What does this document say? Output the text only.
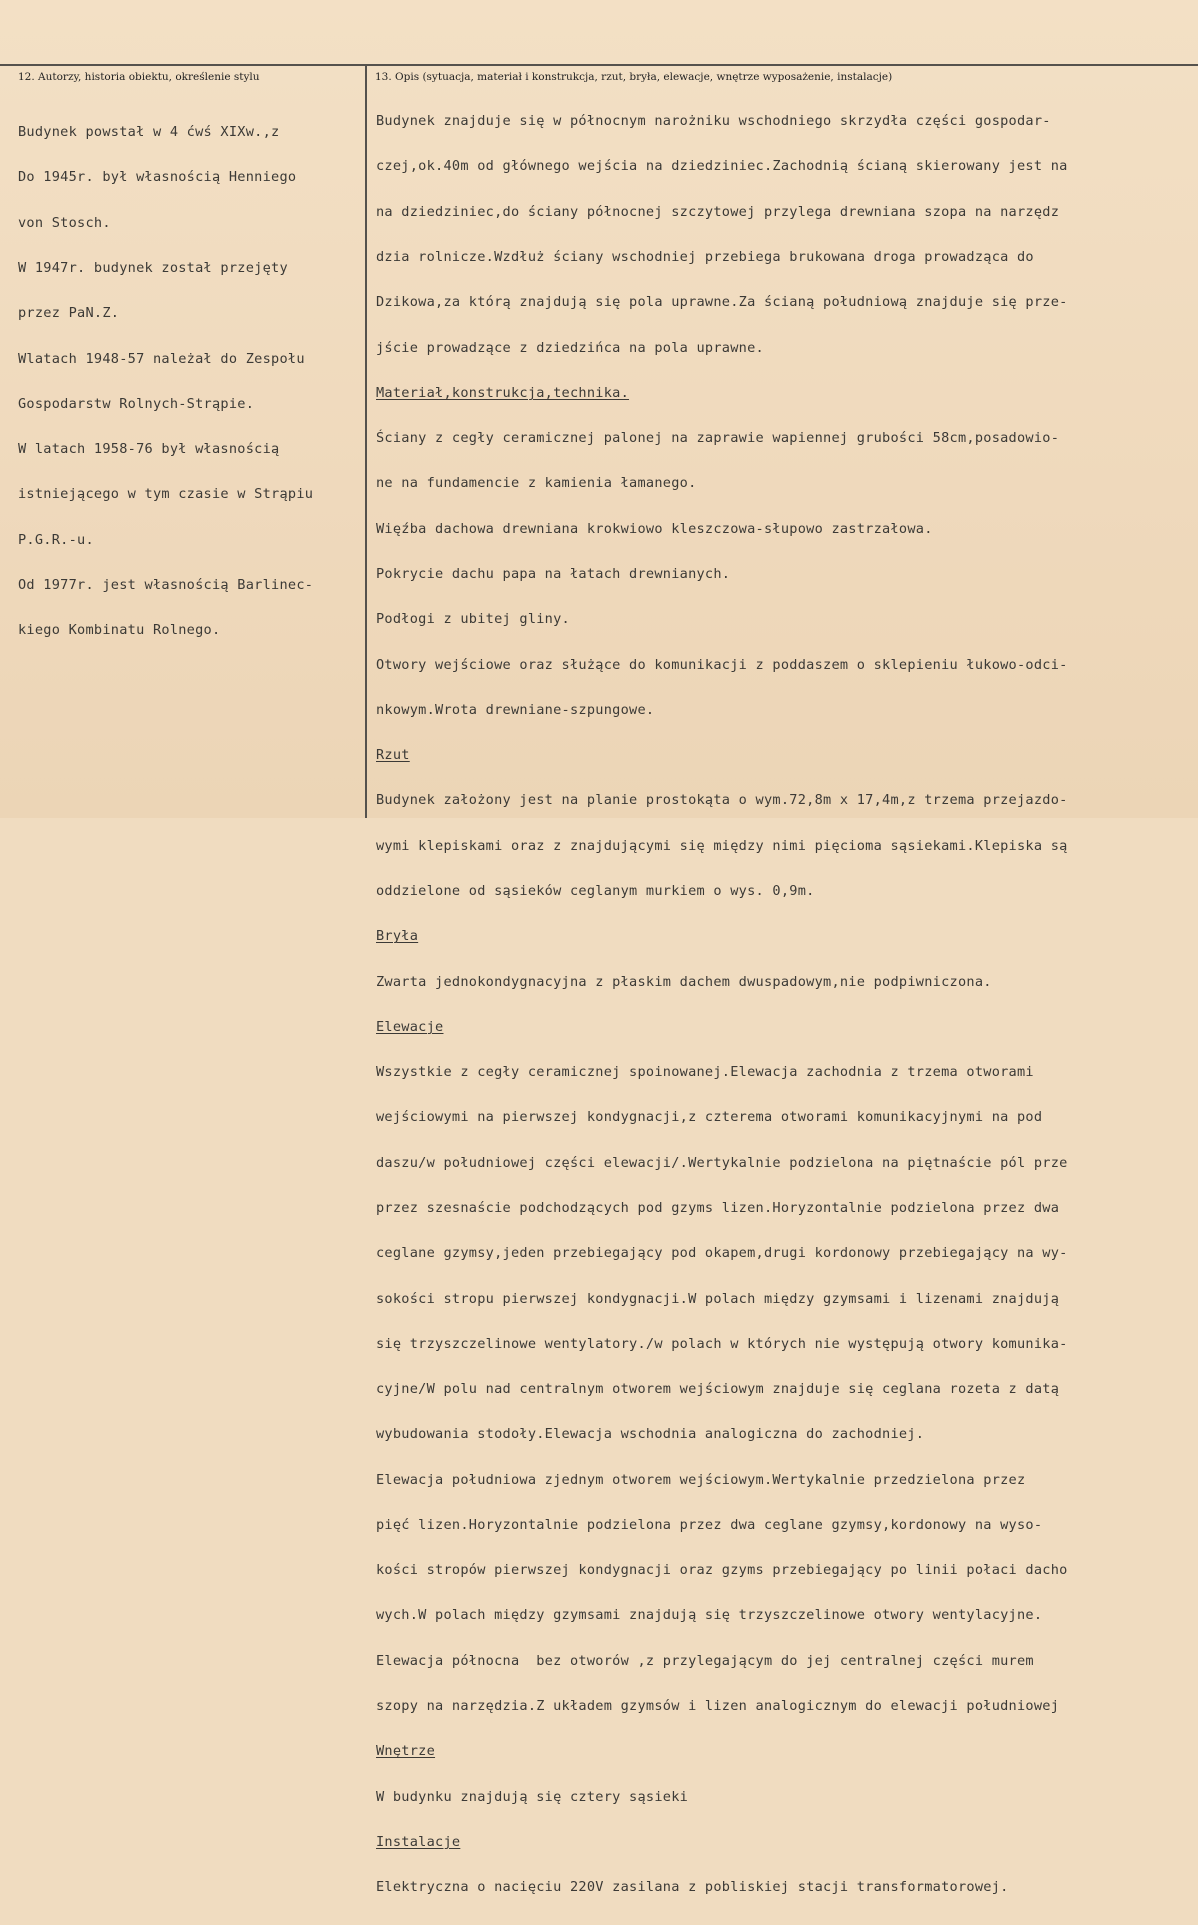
12. Autorzy, historia obiektu, określenie stylu	13. Opis (sytuacja, materiał i konstrukcja, rzut, bryła, elewacje, wnętrze wyposażenie, instalacje)

Budynek powstał w 4 ćwś XIXw.,z

Do 1945r. był własnością Henniego

von Stosch.

W 1947r. budynek został przejęty

przez PaN.Z.

Wlatach 1948-57 należał do Zespołu

Gospodarstw Rolnych-Strąpie.

W latach 1958-76 był własnością

istniejącego w tym czasie w Strąpiu

P.G.R.-u.

Od 1977r. jest własnością Barlinec-

kiego Kombinatu Rolnego.

Budynek znajduje się w północnym narożniku wschodniego skrzydła części gospodar-

czej,ok.40m od głównego wejścia na dziedziniec.Zachodnią ścianą skierowany jest na

na dziedziniec,do ściany północnej szczytowej przylega drewniana szopa na narzędz

dzia rolnicze.Wzdłuż ściany wschodniej przebiega brukowana droga prowadząca do

Dzikowa,za którą znajdują się pola uprawne.Za ścianą południową znajduje się prze-

jście prowadzące z dziedzińca na pola uprawne.

Materiał,konstrukcja,technika.

Ściany z cegły ceramicznej palonej na zaprawie wapiennej grubości 58cm,posadowio-

ne na fundamencie z kamienia łamanego.

Więźba dachowa drewniana krokwiowo kleszczowa-słupowo zastrzałowa.

Pokrycie dachu papa na łatach drewnianych.

Podłogi z ubitej gliny.

Otwory wejściowe oraz służące do komunikacji z poddaszem o sklepieniu łukowo-odci-

nkowym.Wrota drewniane-szpungowe.

Rzut

Budynek założony jest na planie prostokąta o wym.72,8m x 17,4m,z trzema przejazdo-

wymi klepiskami oraz z znajdującymi się między nimi pięcioma sąsiekami.Klepiska są

oddzielone od sąsieków ceglanym murkiem o wys. 0,9m.

Bryła

Zwarta jednokondygnacyjna z płaskim dachem dwuspadowym,nie podpiwniczona.

Elewacje

Wszystkie z cegły ceramicznej spoinowanej.Elewacja zachodnia z trzema otworami

wejściowymi na pierwszej kondygnacji,z czterema otworami komunikacyjnymi na pod

daszu/w południowej części elewacji/.Wertykalnie podzielona na piętnaście pól prze

przez szesnaście podchodzących pod gzyms lizen.Horyzontalnie podzielona przez dwa

ceglane gzymsy,jeden przebiegający pod okapem,drugi kordonowy przebiegający na wy-

sokości stropu pierwszej kondygnacji.W polach między gzymsami i lizenami znajdują

się trzyszczelinowe wentylatory./w polach w których nie występują otwory komunika-

cyjne/W polu nad centralnym otworem wejściowym znajduje się ceglana rozeta z datą

wybudowania stodoły.Elewacja wschodnia analogiczna do zachodniej.

Elewacja południowa zjednym otworem wejściowym.Wertykalnie przedzielona przez

pięć lizen.Horyzontalnie podzielona przez dwa ceglane gzymsy,kordonowy na wyso-

kości stropów pierwszej kondygnacji oraz gzyms przebiegający po linii połaci dacho

wych.W polach między gzymsami znajdują się trzyszczelinowe otwory wentylacyjne.

Elewacja północna  bez otworów ,z przylegającym do jej centralnej części murem

szopy na narzędzia.Z układem gzymsów i lizen analogicznym do elewacji południowej

Wnętrze

W budynku znajdują się cztery sąsieki

Instalacje

Elektryczna o nacięciu 220V zasilana z pobliskiej stacji transformatorowej.
